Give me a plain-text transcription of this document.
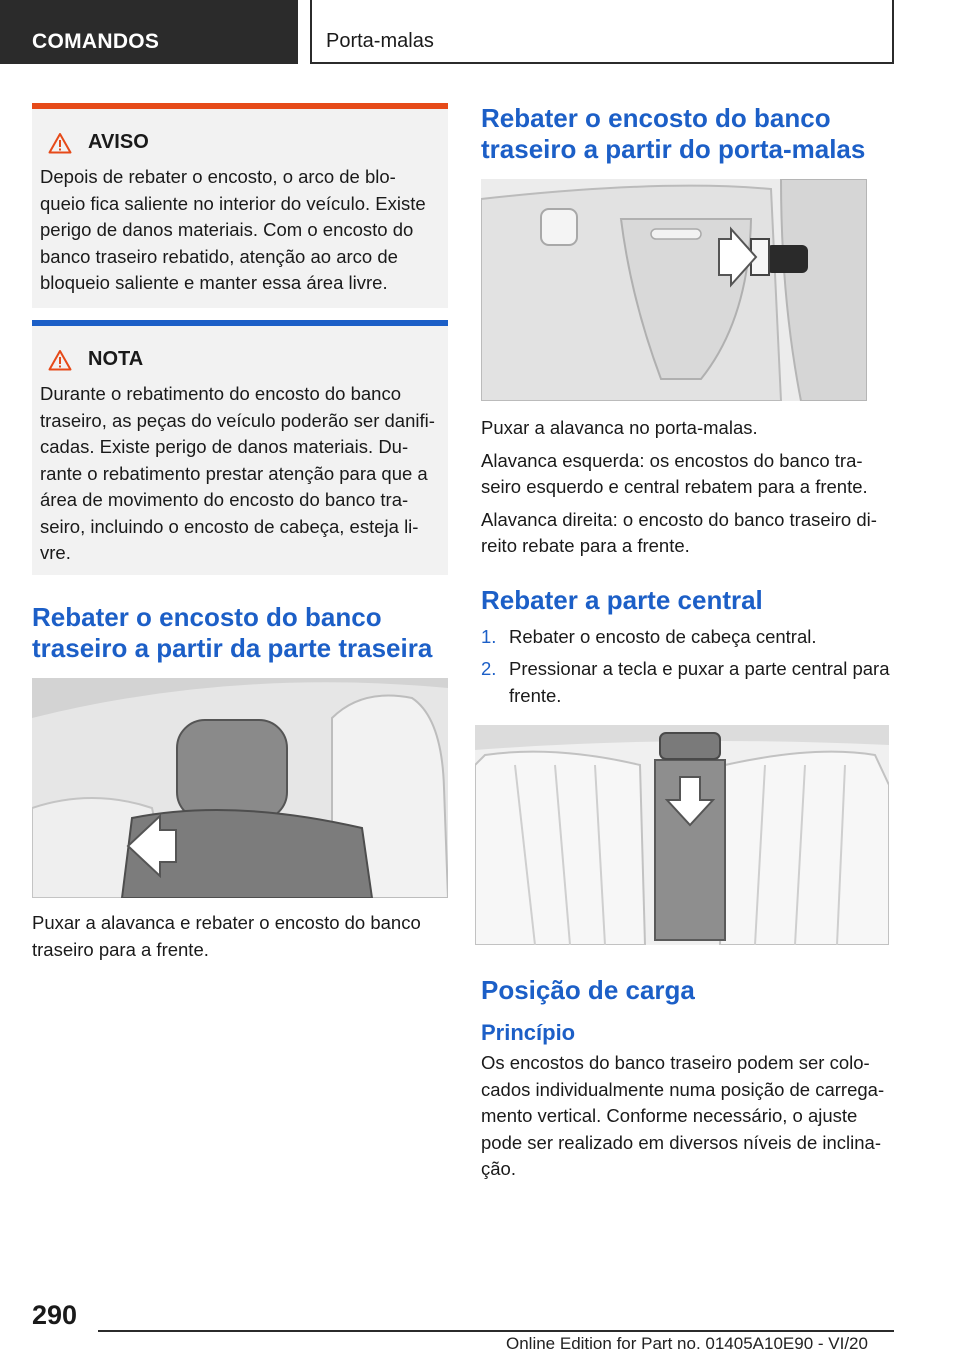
COMANDOS	Porta-malas
AVISO

Depois de rebater o encosto, o arco de blo-queio fica saliente no interior do veículo. Existe perigo de danos materiais. Com o encosto do banco traseiro rebatido, atenção ao arco de bloqueio saliente e manter essa área livre.

NOTA

Durante o rebatimento do encosto do banco traseiro, as peças do veículo poderão ser danifi-cadas. Existe perigo de danos materiais. Du-rante o rebatimento prestar atenção para que a área de movimento do encosto do banco tra-seiro, incluindo o encosto de cabeça, esteja li-vre.

Rebater o encosto do banco traseiro a partir da parte traseira

Puxar a alavanca e rebater o encosto do banco traseiro para a frente.

Rebater o encosto do banco traseiro a partir do porta-malas

Puxar a alavanca no porta-malas.

Alavanca esquerda: os encostos do banco tra-seiro esquerdo e central rebatem para a frente.

Alavanca direita: o encosto do banco traseiro di-reito rebate para a frente.

Rebater a parte central
1. Rebater o encosto de cabeça central.
2. Pressionar a tecla e puxar a parte central para frente.
Posição de carga
Princípio

Os encostos do banco traseiro podem ser colo-cados individualmente numa posição de carrega-mento vertical. Conforme necessário, o ajuste pode ser realizado em diversos níveis de inclina-ção.

290
Online Edition for Part no. 01405A10E90 - VI/20
